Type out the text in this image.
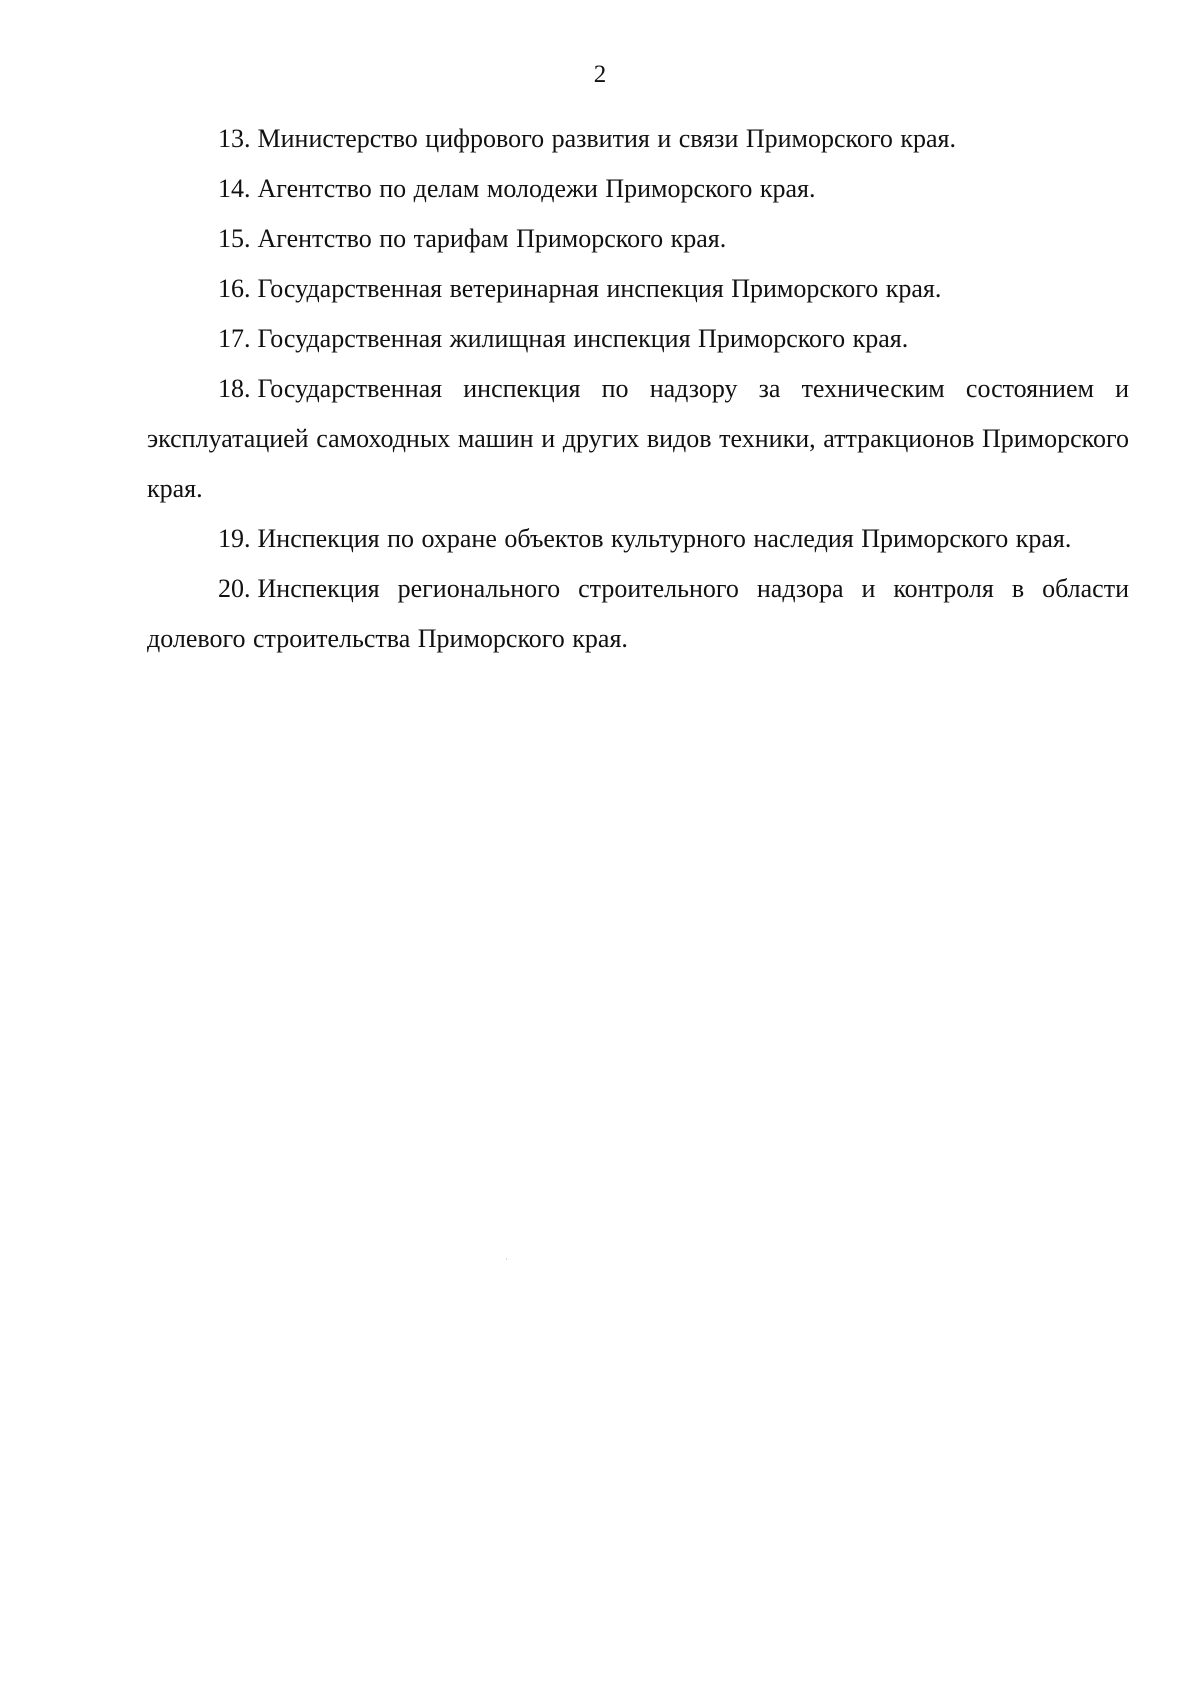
2

13. Министерство цифрового развития и связи Приморского края.

14. Агентство по делам молодежи Приморского края.

15. Агентство по тарифам Приморского края.

16. Государственная ветеринарная инспекция Приморского края.

17. Государственная жилищная инспекция Приморского края.

18. Государственная инспекция по надзору за техническим состоянием и эксплуатацией самоходных машин и других видов техники, аттракционов Приморского края.

19. Инспекция по охране объектов культурного наследия Приморского края.

20. Инспекция регионального строительного надзора и контроля в области долевого строительства Приморского края.
